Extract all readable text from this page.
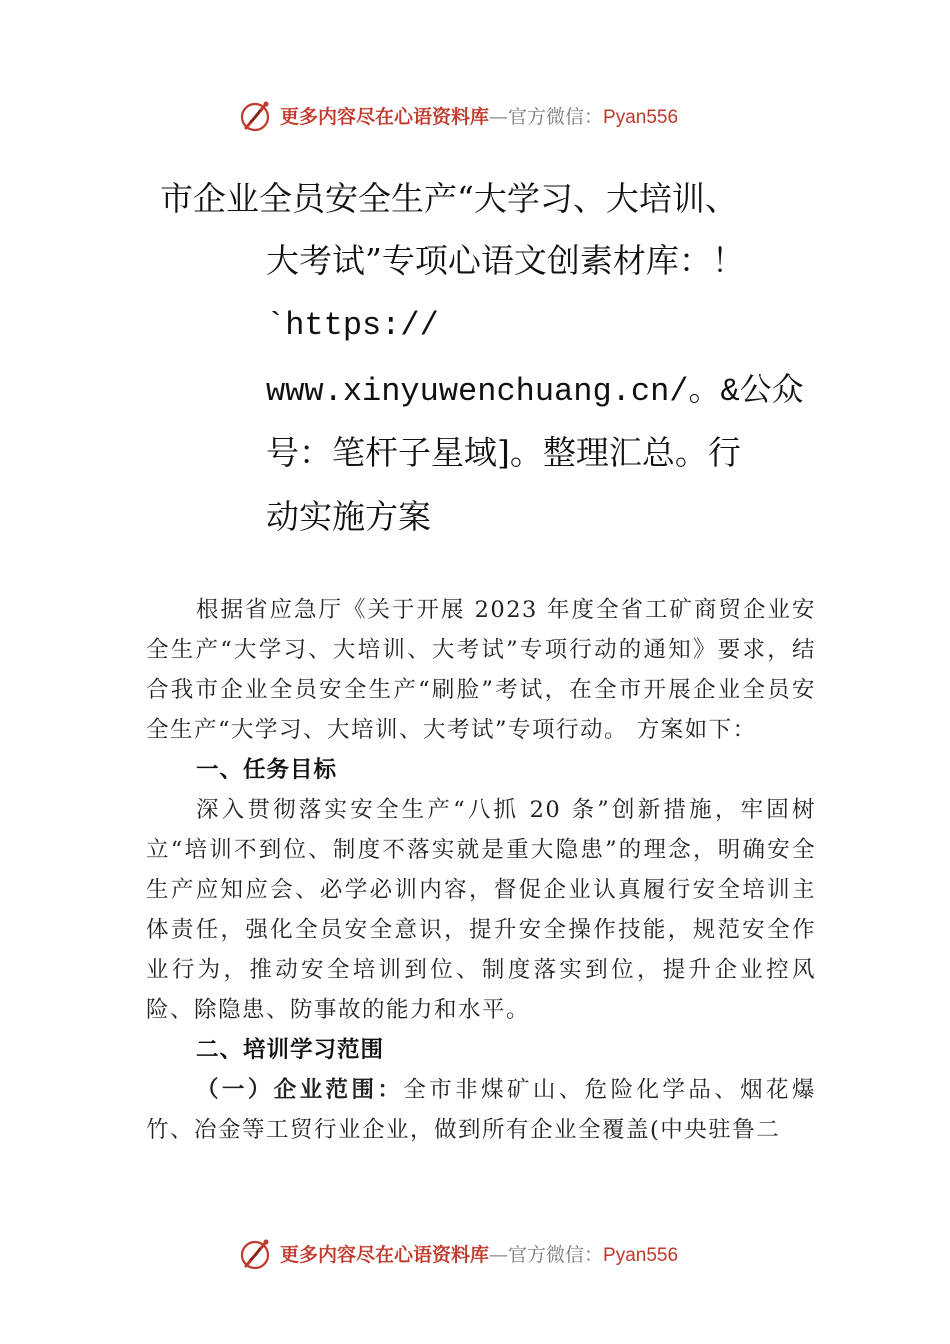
更多内容尽在心语资料库—官方微信：Pyan556
市企业全员安全生产“大学习、大培训、
大考试”专项心语文创素材库：！
`https://
www.xinyuwenchuang.cn/。&公众
号：笔杆子星域]。整理汇总。行
动实施方案

根据省应急厅《关于开展 2023 年度全省工矿商贸企业安全生产“大学习、大培训、大考试”专项行动的通知》要求，结合我市企业全员安全生产“刷脸”考试，在全市开展企业全员安全生产“大学习、大培训、大考试”专项行动。 方案如下：

一、任务目标

深入贯彻落实安全生产“八抓 20 条”创新措施，牢固树立“培训不到位、制度不落实就是重大隐患”的理念，明确安全生产应知应会、必学必训内容，督促企业认真履行安全培训主体责任，强化全员安全意识，提升安全操作技能，规范安全作业行为，推动安全培训到位、制度落实到位，提升企业控风险、除隐患、防事故的能力和水平。

二、培训学习范围

（一）企业范围：全市非煤矿山、危险化学品、烟花爆竹、冶金等工贸行业企业，做到所有企业全覆盖(中央驻鲁二

更多内容尽在心语资料库—官方微信：Pyan556
